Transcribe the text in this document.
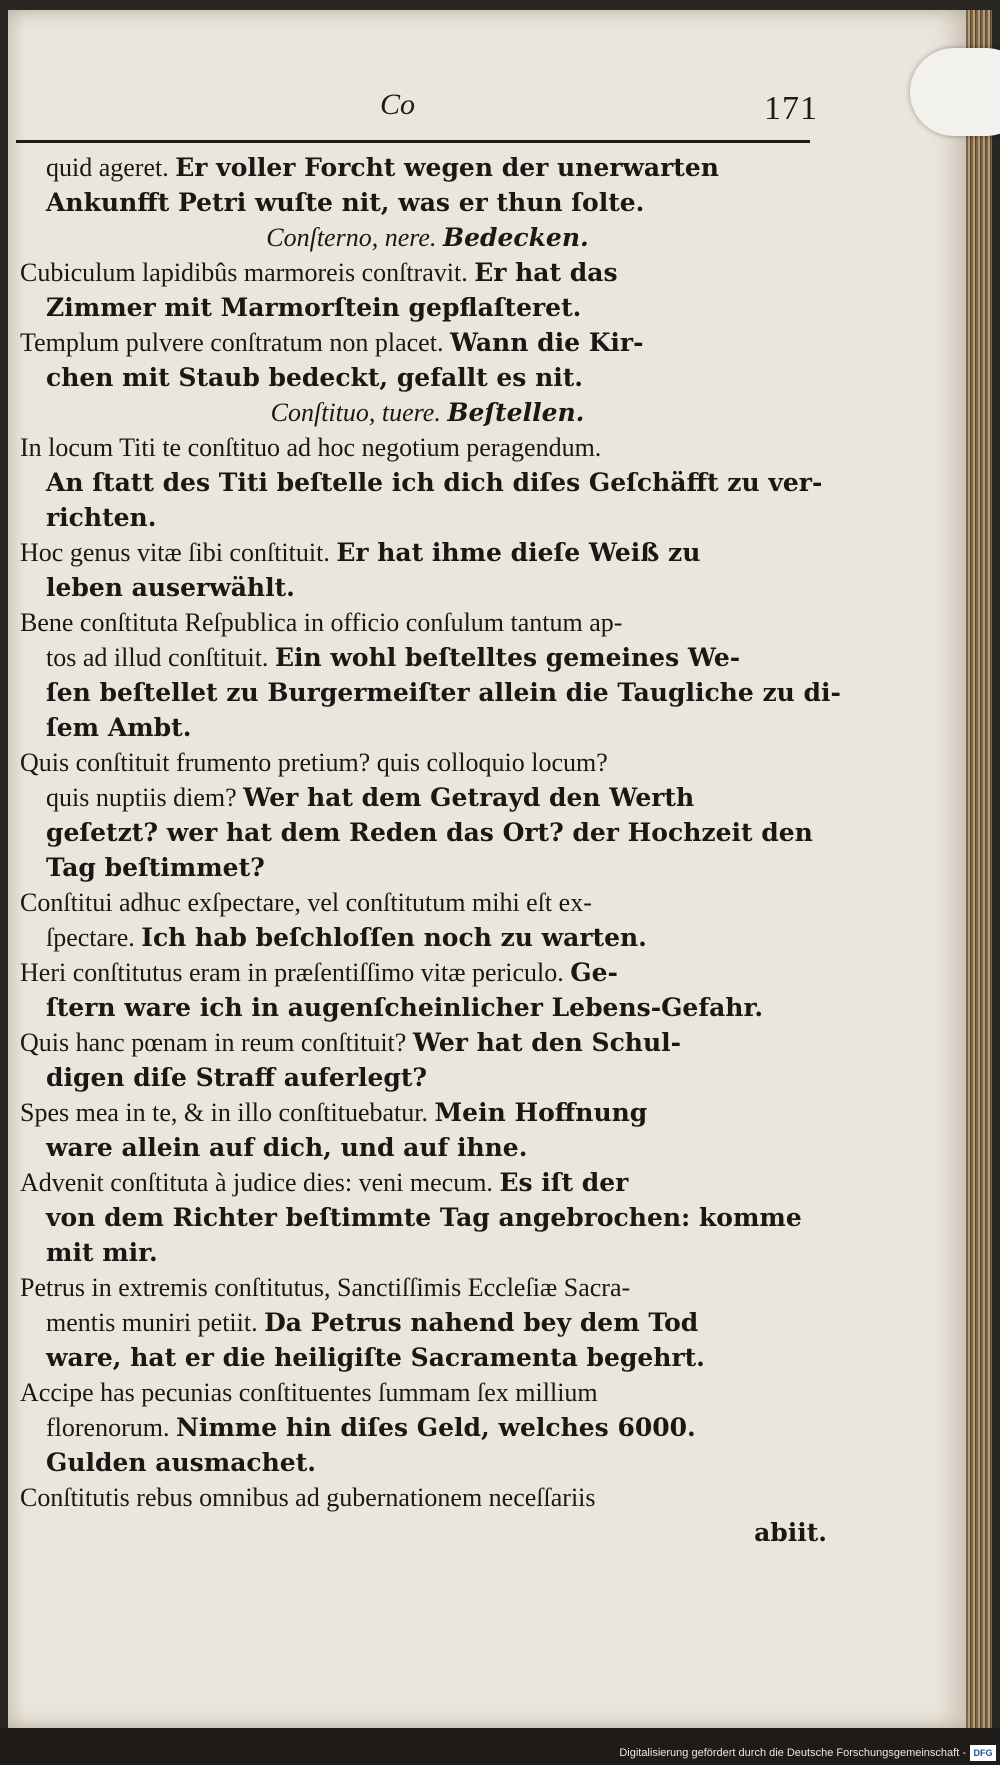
Co	171
quid ageret. Er voller Forcht wegen der unerwarten
Ankunfft Petri wuſte nit, was er thun ſolte.
Conſterno, nere. Bedecken.
Cubiculum lapidibûs marmoreis conſtravit. Er hat das
Zimmer mit Marmorſtein gepflaſteret.
Templum pulvere conſtratum non placet. Wann die Kir-
chen mit Staub bedeckt, gefallt es nit.
Conſtituo, tuere. Beſtellen.
In locum Titi te conſtituo ad hoc negotium peragendum.
An ſtatt des Titi beſtelle ich dich diſes Geſchäfft zu ver-
richten.
Hoc genus vitæ ſibi conſtituit. Er hat ihme dieſe Weiß zu
leben auserwählt.
Bene conſtituta Reſpublica in officio conſulum tantum ap-
tos ad illud conſtituit. Ein wohl beſtelltes gemeines We-
ſen beſtellet zu Burgermeiſter allein die Taugliche zu di-
ſem Ambt.
Quis conſtituit frumento pretium? quis colloquio locum?
quis nuptiis diem? Wer hat dem Getrayd den Werth
geſetzt? wer hat dem Reden das Ort? der Hochzeit den
Tag beſtimmet?
Conſtitui adhuc exſpectare, vel conſtitutum mihi eſt ex-
ſpectare. Ich hab beſchloſſen noch zu warten.
Heri conſtitutus eram in præſentiſſimo vitæ periculo. Ge-
ſtern ware ich in augenſcheinlicher Lebens-Gefahr.
Quis hanc pœnam in reum conſtituit? Wer hat den Schul-
digen diſe Straff auferlegt?
Spes mea in te, & in illo conſtituebatur. Mein Hoffnung
ware allein auf dich, und auf ihne.
Advenit conſtituta à judice dies: veni mecum. Es iſt der
von dem Richter beſtimmte Tag angebrochen: komme
mit mir.
Petrus in extremis conſtitutus, Sanctiſſimis Eccleſiæ Sacra-
mentis muniri petiit. Da Petrus nahend bey dem Tod
ware, hat er die heiligiſte Sacramenta begehrt.
Accipe has pecunias conſtituentes ſummam ſex millium
florenorum. Nimme hin diſes Geld, welches 6000.
Gulden ausmachet.
Conſtitutis rebus omnibus ad gubernationem neceſſariis
abiit.
Digitalisierung gefördert durch die Deutsche Forschungsgemeinschaft - DFG
